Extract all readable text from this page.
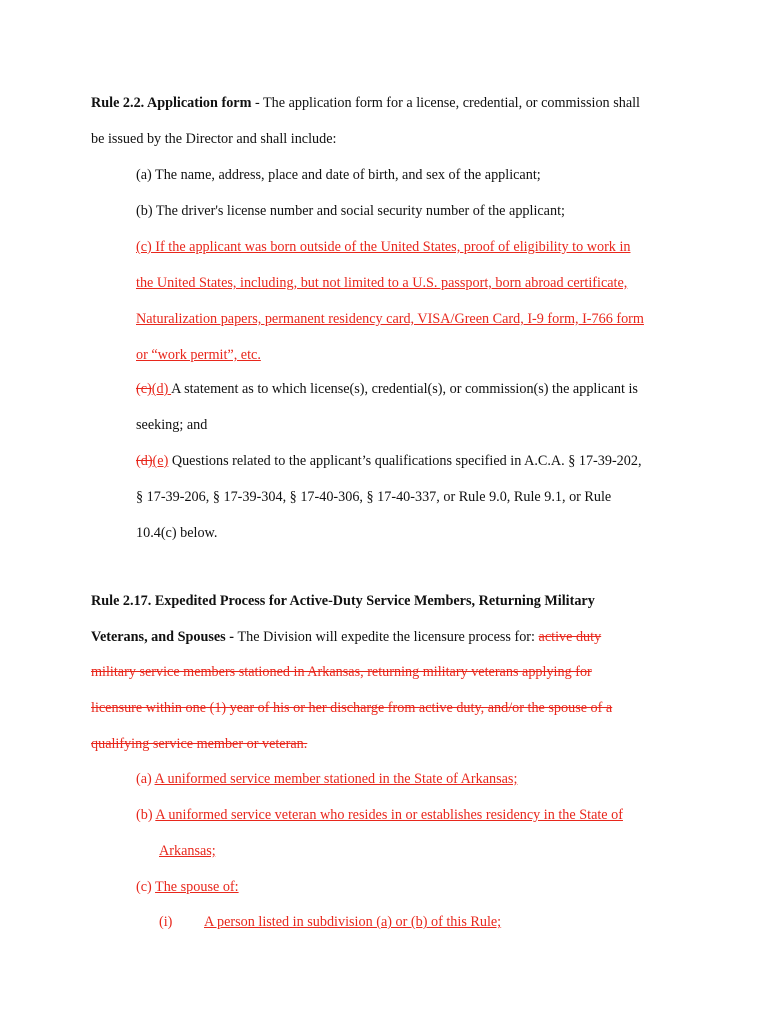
Rule 2.2. Application form - The application form for a license, credential, or commission shall
be issued by the Director and shall include:
(a) The name, address, place and date of birth, and sex of the applicant;
(b) The driver's license number and social security number of the applicant;
(c) If the applicant was born outside of the United States, proof of eligibility to work in
the United States, including, but not limited to a U.S. passport, born abroad certificate,
Naturalization papers, permanent residency card, VISA/Green Card, I-9 form, I-766 form
or “work permit”, etc.
(c)(d) A statement as to which license(s), credential(s), or commission(s) the applicant is
seeking; and
(d)(e) Questions related to the applicant’s qualifications specified in A.C.A. § 17-39-202,
§ 17-39-206, § 17-39-304, § 17-40-306, § 17-40-337, or Rule 9.0, Rule 9.1, or Rule
10.4(c) below.
Rule 2.17. Expedited Process for Active-Duty Service Members, Returning Military
Veterans, and Spouses - The Division will expedite the licensure process for: active duty
military service members stationed in Arkansas, returning military veterans applying for
licensure within one (1) year of his or her discharge from active duty, and/or the spouse of a
qualifying service member or veteran.
(a) A uniformed service member stationed in the State of Arkansas;
(b) A uniformed service veteran who resides in or establishes residency in the State of
Arkansas;
(c) The spouse of:
(i) A person listed in subdivision (a) or (b) of this Rule;
